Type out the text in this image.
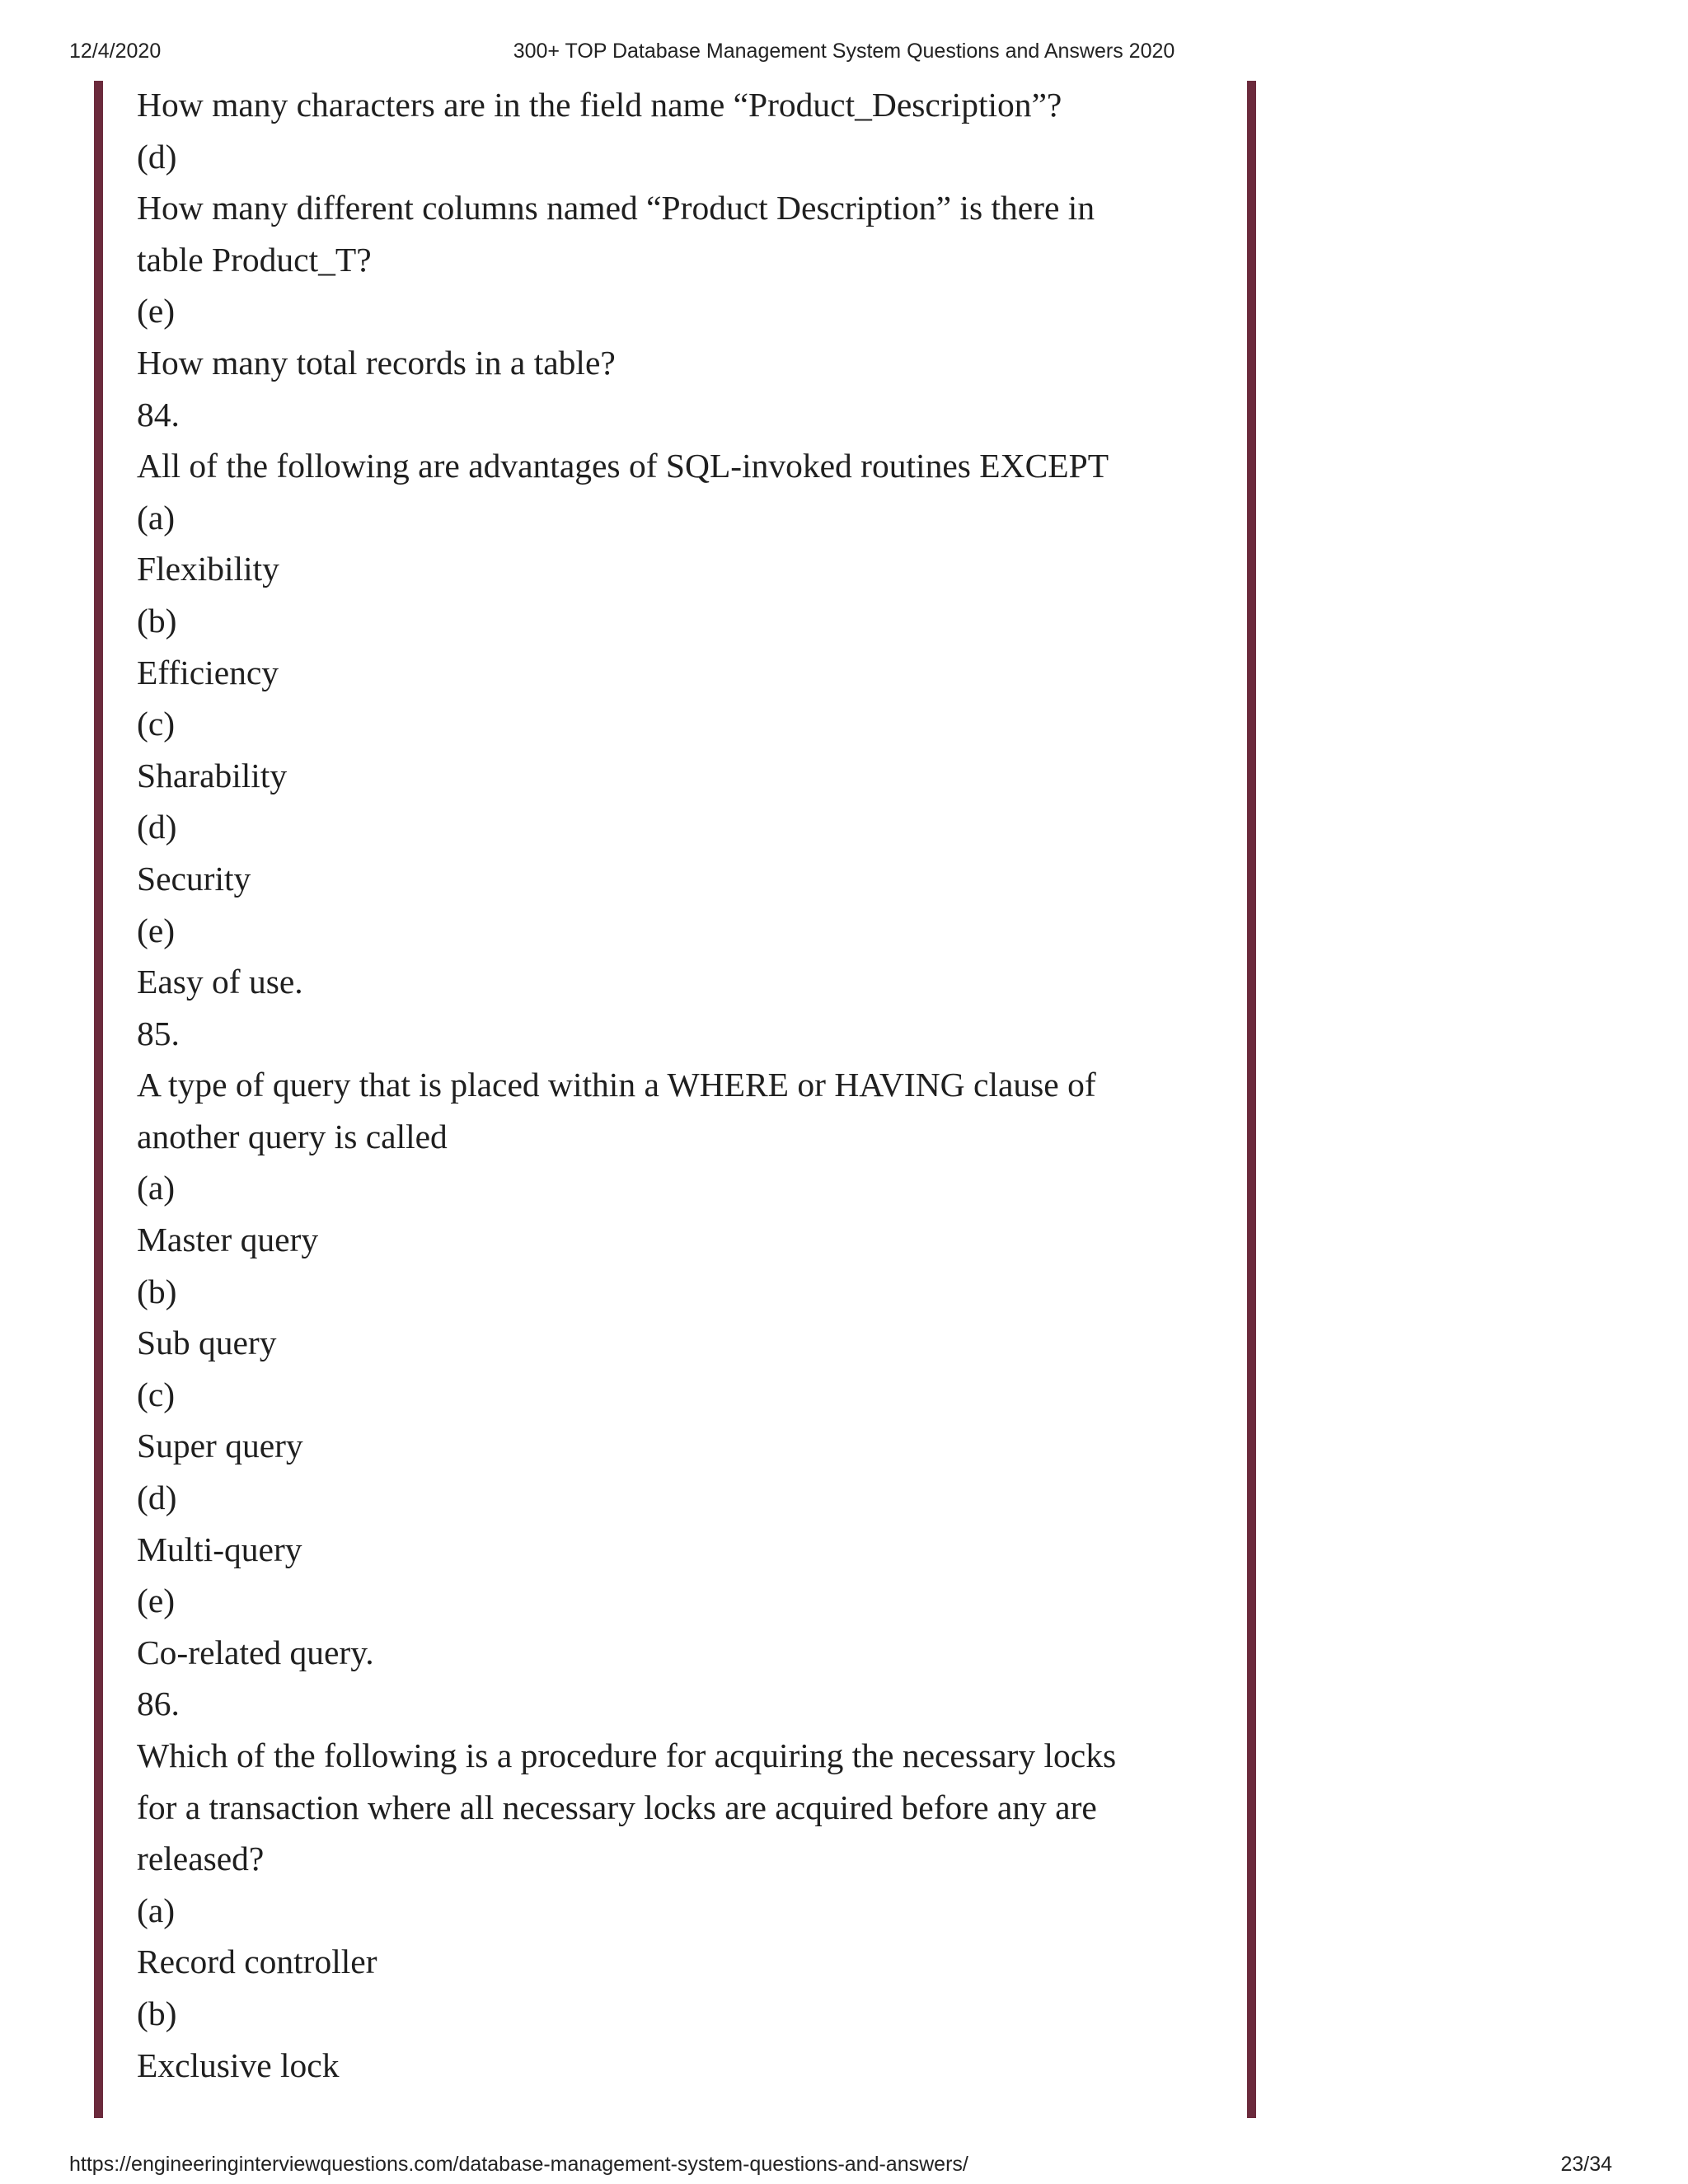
12/4/2020	300+ TOP Database Management System Questions and Answers 2020
How many characters are in the field name “Product_Description”?
(d)
How many different columns named “Product Description” is there in
table Product_T?
(e)
How many total records in a table?
84.
All of the following are advantages of SQL-invoked routines EXCEPT
(a)
Flexibility
(b)
Efficiency
(c)
Sharability
(d)
Security
(e)
Easy of use.
85.
A type of query that is placed within a WHERE or HAVING clause of
another query is called
(a)
Master query
(b)
Sub query
(c)
Super query
(d)
Multi-query
(e)
Co-related query.
86.
Which of the following is a procedure for acquiring the necessary locks
for a transaction where all necessary locks are acquired before any are
released?
(a)
Record controller
(b)
Exclusive lock
https://engineeringinterviewquestions.com/database-management-system-questions-and-answers/	23/34
